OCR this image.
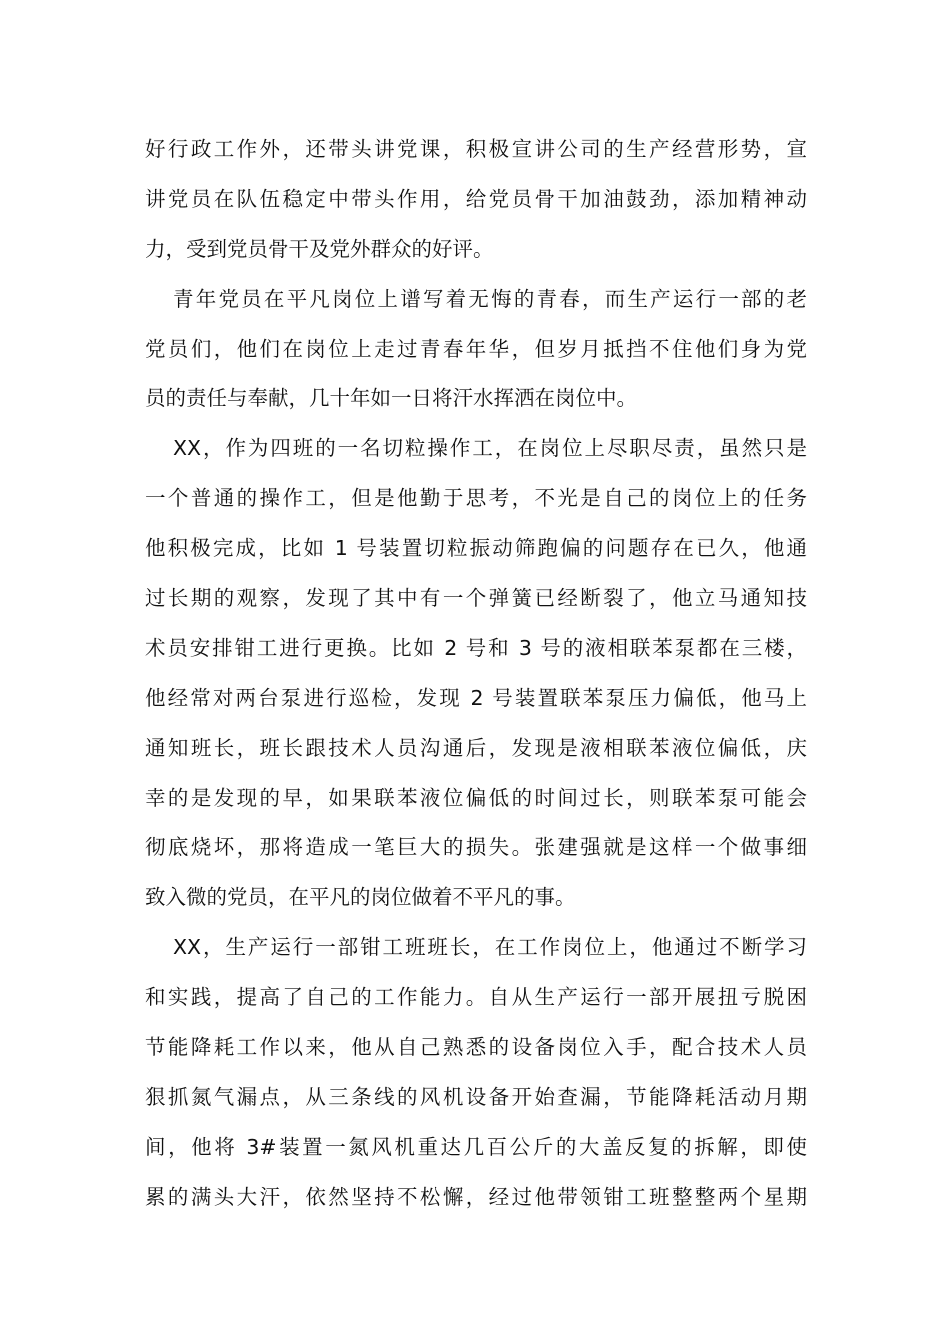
好行政工作外，还带头讲党课，积极宣讲公司的生产经营形势，宣
讲党员在队伍稳定中带头作用，给党员骨干加油鼓劲，添加精神动
力，受到党员骨干及党外群众的好评。
青年党员在平凡岗位上谱写着无悔的青春，而生产运行一部的老
党员们，他们在岗位上走过青春年华，但岁月抵挡不住他们身为党
员的责任与奉献，几十年如一日将汗水挥洒在岗位中。
XX，作为四班的一名切粒操作工，在岗位上尽职尽责，虽然只是
一个普通的操作工，但是他勤于思考，不光是自己的岗位上的任务
他积极完成，比如 1 号装置切粒振动筛跑偏的问题存在已久，他通
过长期的观察，发现了其中有一个弹簧已经断裂了，他立马通知技
术员安排钳工进行更换。比如 2 号和 3 号的液相联苯泵都在三楼，
他经常对两台泵进行巡检，发现 2 号装置联苯泵压力偏低，他马上
通知班长，班长跟技术人员沟通后，发现是液相联苯液位偏低，庆
幸的是发现的早，如果联苯液位偏低的时间过长，则联苯泵可能会
彻底烧坏，那将造成一笔巨大的损失。张建强就是这样一个做事细
致入微的党员，在平凡的岗位做着不平凡的事。
XX，生产运行一部钳工班班长，在工作岗位上，他通过不断学习
和实践，提高了自己的工作能力。自从生产运行一部开展扭亏脱困
节能降耗工作以来，他从自己熟悉的设备岗位入手，配合技术人员
狠抓氮气漏点，从三条线的风机设备开始查漏，节能降耗活动月期
间，他将 3#装置一氮风机重达几百公斤的大盖反复的拆解，即使
累的满头大汗，依然坚持不松懈，经过他带领钳工班整整两个星期
